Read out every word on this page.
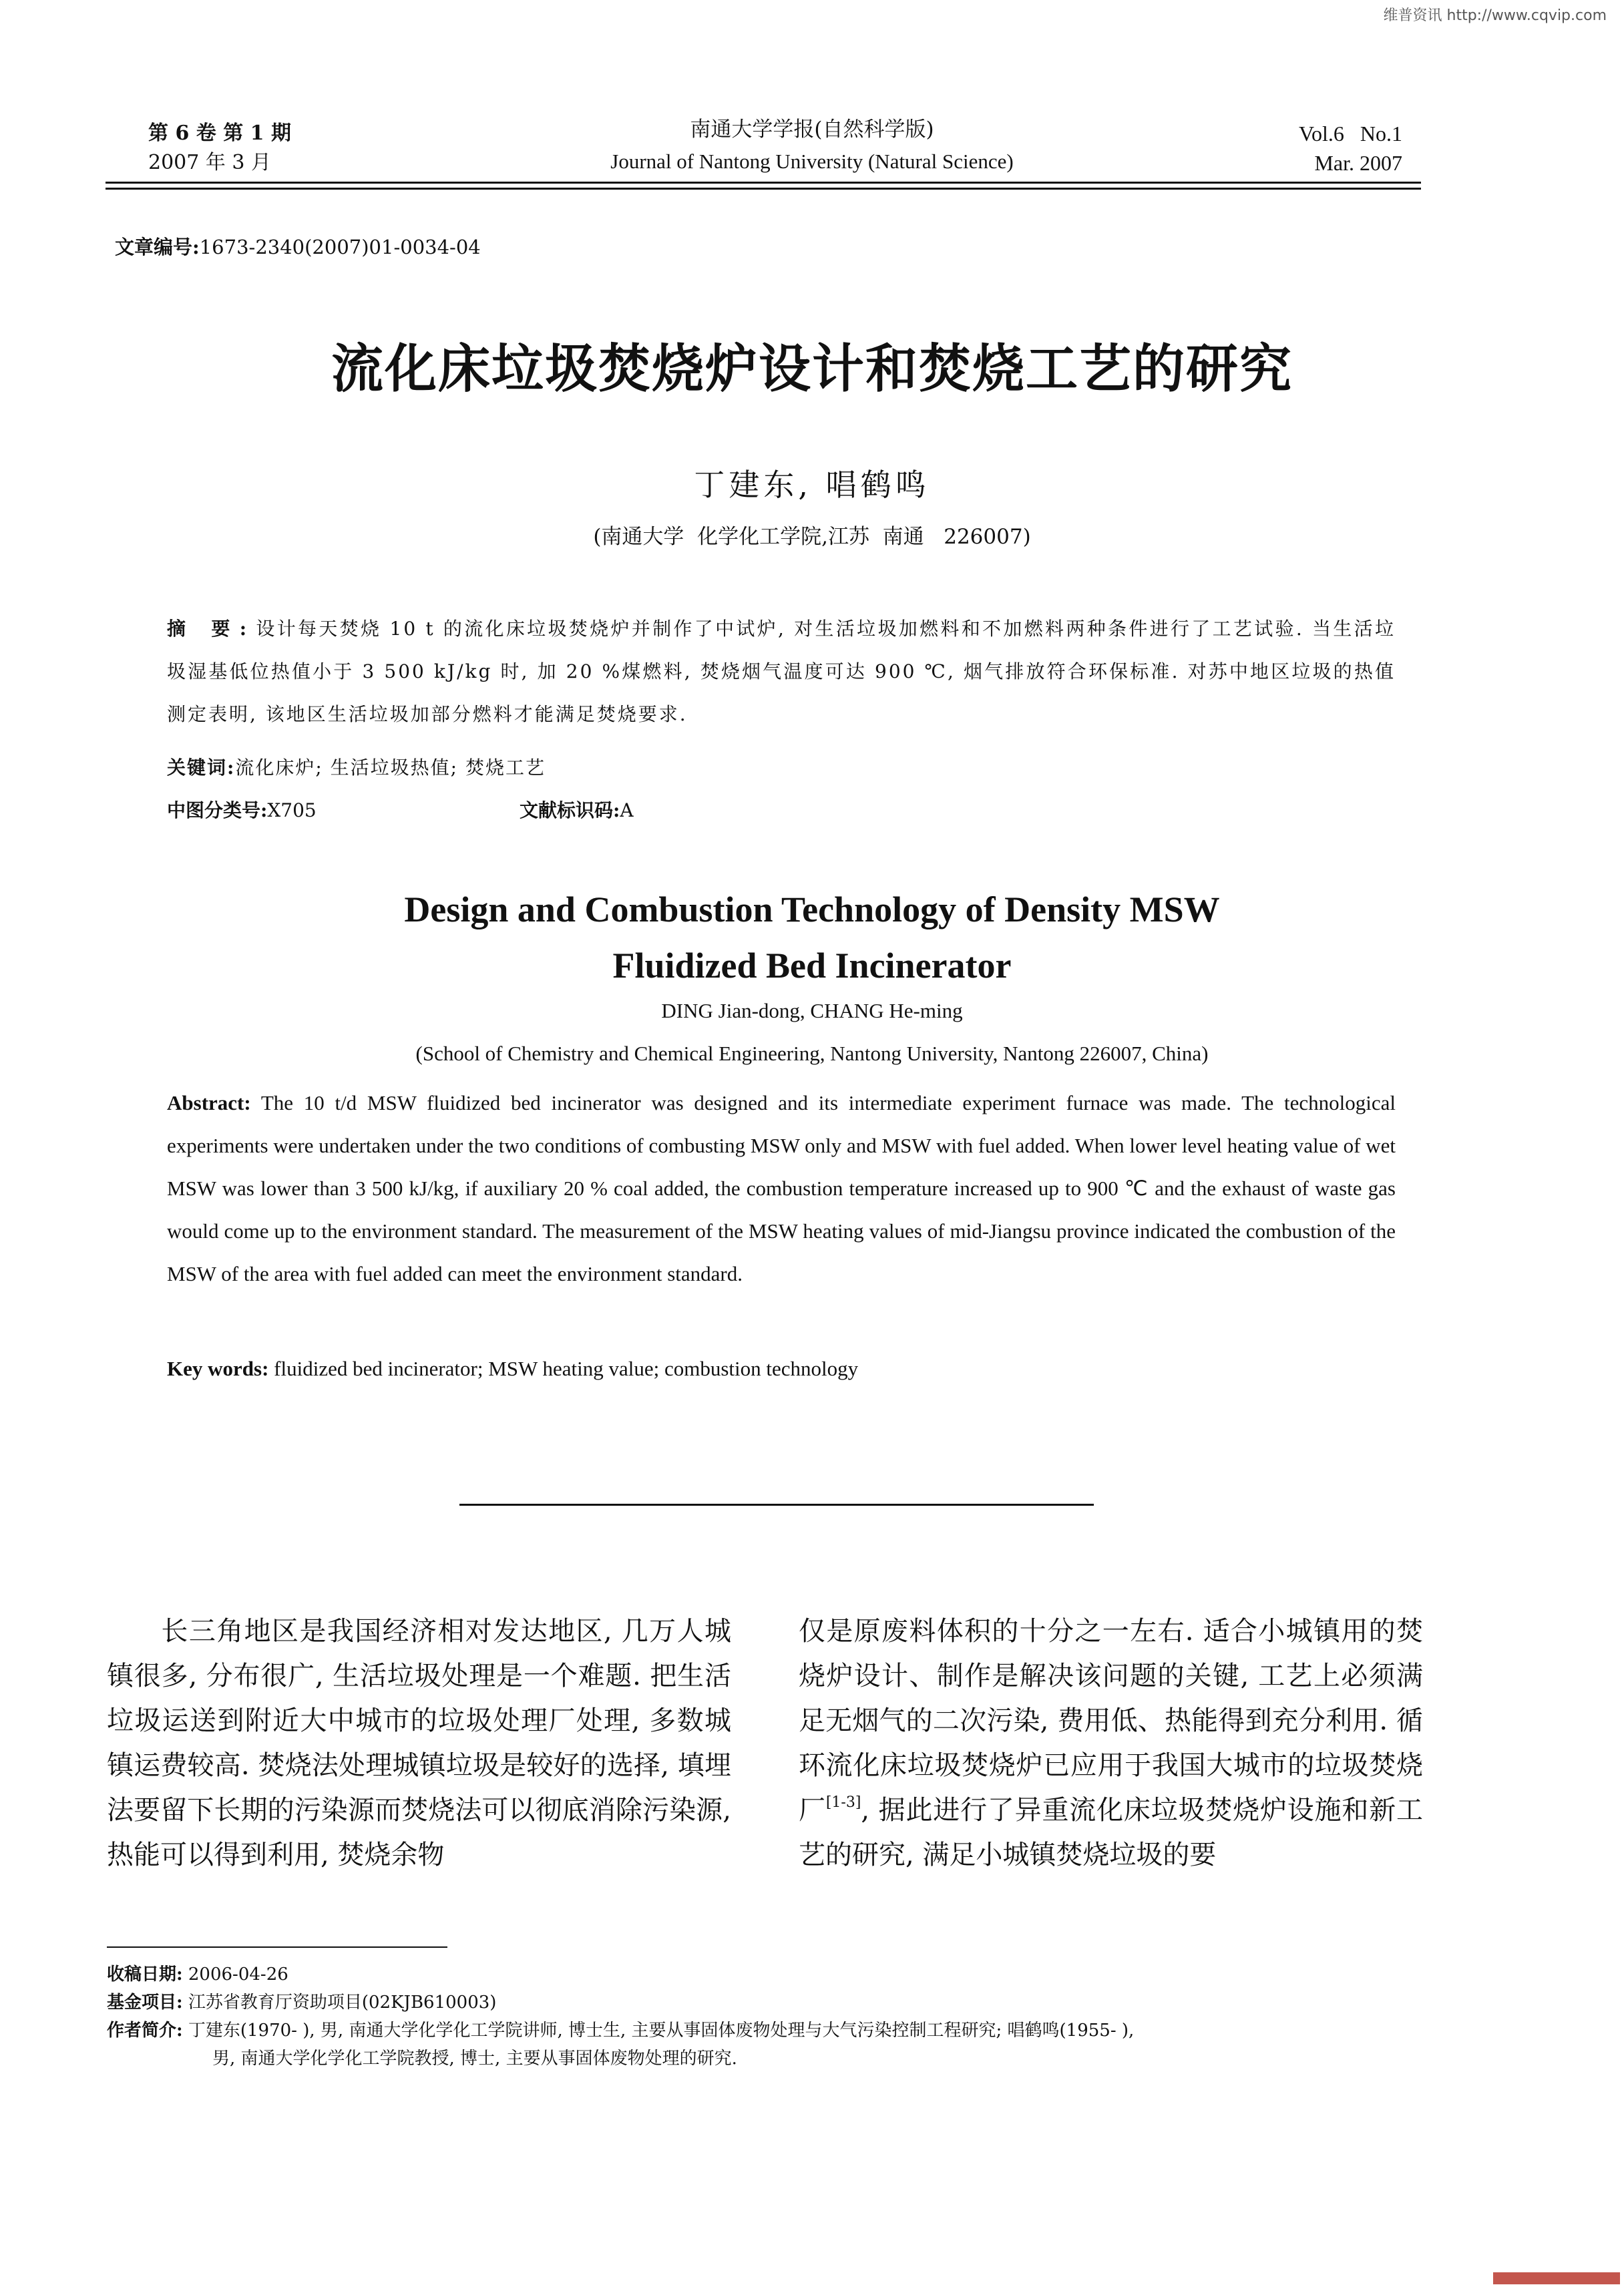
维普资讯 http://www.cqvip.com
第 6 卷 第 1 期
2007 年 3 月
南通大学学报(自然科学版)
Journal of Nantong University (Natural Science)
Vol.6   No.1
Mar. 2007
文章编号:1673-2340(2007)01-0034-04
流化床垃圾焚烧炉设计和焚烧工艺的研究
丁建东, 唱鹤鸣
(南通大学  化学化工学院,江苏  南通   226007)
摘 要:设计每天焚烧 10 t 的流化床垃圾焚烧炉并制作了中试炉, 对生活垃圾加燃料和不加燃料两种条件进行了工艺试验. 当生活垃圾湿基低位热值小于 3 500 kJ/kg 时, 加 20 %煤燃料, 焚烧烟气温度可达 900 ℃, 烟气排放符合环保标准. 对苏中地区垃圾的热值测定表明, 该地区生活垃圾加部分燃料才能满足焚烧要求.
关键词:流化床炉; 生活垃圾热值; 焚烧工艺
中图分类号:X705	文献标识码:A
Design and Combustion Technology of Density MSW
Fluidized Bed Incinerator
DING Jian-dong, CHANG He-ming
(School of Chemistry and Chemical Engineering, Nantong University, Nantong 226007, China)
Abstract: The 10 t/d MSW fluidized bed incinerator was designed and its intermediate experiment furnace was made. The technological experiments were undertaken under the two conditions of combusting MSW only and MSW with fuel added. When lower level heating value of wet MSW was lower than 3 500 kJ/kg, if auxiliary 20 % coal added, the combustion temperature increased up to 900 ℃ and the exhaust of waste gas would come up to the environment standard. The measurement of the MSW heating values of mid-Jiangsu province indicated the combustion of the MSW of the area with fuel added can meet the environment standard.
Key words: fluidized bed incinerator; MSW heating value; combustion technology
长三角地区是我国经济相对发达地区, 几万人城镇很多, 分布很广, 生活垃圾处理是一个难题. 把生活垃圾运送到附近大中城市的垃圾处理厂处理, 多数城镇运费较高. 焚烧法处理城镇垃圾是较好的选择, 填埋法要留下长期的污染源而焚烧法可以彻底消除污染源, 热能可以得到利用, 焚烧余物
仅是原废料体积的十分之一左右. 适合小城镇用的焚烧炉设计、制作是解决该问题的关键, 工艺上必须满足无烟气的二次污染, 费用低、热能得到充分利用. 循环流化床垃圾焚烧炉已应用于我国大城市的垃圾焚烧厂[1-3], 据此进行了异重流化床垃圾焚烧炉设施和新工艺的研究, 满足小城镇焚烧垃圾的要
收稿日期: 2006-04-26
基金项目: 江苏省教育厅资助项目(02KJB610003)
作者简介: 丁建东(1970- ), 男, 南通大学化学化工学院讲师, 博士生, 主要从事固体废物处理与大气污染控制工程研究; 唱鹤鸣(1955- ),
男, 南通大学化学化工学院教授, 博士, 主要从事固体废物处理的研究.
